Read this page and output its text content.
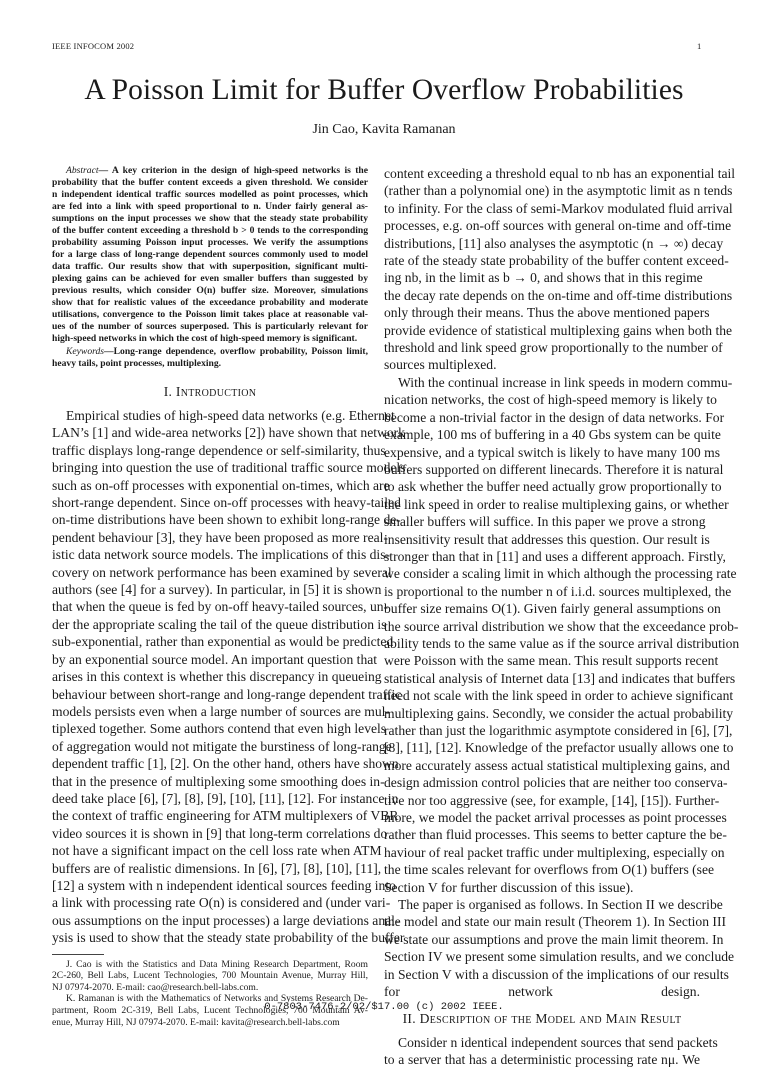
IEEE INFOCOM 2002	1
A Poisson Limit for Buffer Overflow Probabilities
Jin Cao, Kavita Ramanan
Abstract— A key criterion in the design of high-speed networks is the
probability that the buffer content exceeds a given threshold. We consider
n independent identical traffic sources modelled as point processes, which
are fed into a link with speed proportional to n. Under fairly general as-
sumptions on the input processes we show that the steady state probability
of the buffer content exceeding a threshold b > 0 tends to the corresponding
probability assuming Poisson input processes. We verify the assumptions
for a large class of long-range dependent sources commonly used to model
data traffic. Our results show that with superposition, significant multi-
plexing gains can be achieved for even smaller buffers than suggested by
previous results, which consider O(n) buffer size. Moreover, simulations
show that for realistic values of the exceedance probability and moderate
utilisations, convergence to the Poisson limit takes place at reasonable val-
ues of the number of sources superposed. This is particularly relevant for
high-speed networks in which the cost of high-speed memory is significant.
Keywords—Long-range dependence, overflow probability, Poisson limit,
heavy tails, point processes, multiplexing.
I. Introduction
Empirical studies of high-speed data networks (e.g. Ethernet
LAN’s [1] and wide-area networks [2]) have shown that network
traffic displays long-range dependence or self-similarity, thus
bringing into question the use of traditional traffic source models
such as on-off processes with exponential on-times, which are
short-range dependent. Since on-off processes with heavy-tailed
on-time distributions have been shown to exhibit long-range de-
pendent behaviour [3], they have been proposed as more real-
istic data network source models. The implications of this dis-
covery on network performance has been examined by several
authors (see [4] for a survey). In particular, in [5] it is shown
that when the queue is fed by on-off heavy-tailed sources, un-
der the appropriate scaling the tail of the queue distribution is
sub-exponential, rather than exponential as would be predicted
by an exponential source model. An important question that
arises in this context is whether this discrepancy in queueing
behaviour between short-range and long-range dependent traffic
models persists even when a large number of sources are mul-
tiplexed together. Some authors contend that even high levels
of aggregation would not mitigate the burstiness of long-range
dependent traffic [1], [2]. On the other hand, others have shown
that in the presence of multiplexing some smoothing does in-
deed take place [6], [7], [8], [9], [10], [11], [12]. For instance in
the context of traffic engineering for ATM multiplexers of VBR
video sources it is shown in [9] that long-term correlations do
not have a significant impact on the cell loss rate when ATM
buffers are of realistic dimensions. In [6], [7], [8], [10], [11],
[12] a system with n independent identical sources feeding into
a link with processing rate O(n) is considered and (under vari-
ous assumptions on the input processes) a large deviations anal-
ysis is used to show that the steady state probability of the buffer
J. Cao is with the Statistics and Data Mining Research Department, Room
2C-260, Bell Labs, Lucent Technologies, 700 Mountain Avenue, Murray Hill,
NJ 07974-2070. E-mail: cao@research.bell-labs.com.
K. Ramanan is with the Mathematics of Networks and Systems Research De-
partment, Room 2C-319, Bell Labs, Lucent Technologies, 700 Mountain Av-
enue, Murray Hill, NJ 07974-2070. E-mail: kavita@research.bell-labs.com
content exceeding a threshold equal to nb has an exponential tail
(rather than a polynomial one) in the asymptotic limit as n tends
to infinity. For the class of semi-Markov modulated fluid arrival
processes, e.g. on-off sources with general on-time and off-time
distributions, [11] also analyses the asymptotic (n → ∞) decay
rate of the steady state probability of the buffer content exceed-
ing nb, in the limit as b → 0, and shows that in this regime
the decay rate depends on the on-time and off-time distributions
only through their means. Thus the above mentioned papers
provide evidence of statistical multiplexing gains when both the
threshold and link speed grow proportionally to the number of
sources multiplexed.
With the continual increase in link speeds in modern commu-
nication networks, the cost of high-speed memory is likely to
become a non-trivial factor in the design of data networks. For
example, 100 ms of buffering in a 40 Gbs system can be quite
expensive, and a typical switch is likely to have many 100 ms
buffers supported on different linecards. Therefore it is natural
to ask whether the buffer need actually grow proportionally to
the link speed in order to realise multiplexing gains, or whether
smaller buffers will suffice. In this paper we prove a strong
insensitivity result that addresses this question. Our result is
stronger than that in [11] and uses a different approach. Firstly,
we consider a scaling limit in which although the processing rate
is proportional to the number n of i.i.d. sources multiplexed, the
buffer size remains O(1). Given fairly general assumptions on
the source arrival distribution we show that the exceedance prob-
ability tends to the same value as if the source arrival distribution
were Poisson with the same mean. This result supports recent
statistical analysis of Internet data [13] and indicates that buffers
need not scale with the link speed in order to achieve significant
multiplexing gains. Secondly, we consider the actual probability
rather than just the logarithmic asymptote considered in [6], [7],
[8], [11], [12]. Knowledge of the prefactor usually allows one to
more accurately assess actual statistical multiplexing gains, and
design admission control policies that are neither too conserva-
tive nor too aggressive (see, for example, [14], [15]). Further-
more, we model the packet arrival processes as point processes
rather than fluid processes. This seems to better capture the be-
haviour of real packet traffic under multiplexing, especially on
the time scales relevant for overflows from O(1) buffers (see
Section V for further discussion of this issue).
The paper is organised as follows. In Section II we describe
the model and state our main result (Theorem 1). In Section III
we state our assumptions and prove the main limit theorem. In
Section IV we present some simulation results, and we conclude
in Section V with a discussion of the implications of our results
for network design.
II. Description of the Model and Main Result
Consider n identical independent sources that send packets
to a server that has a deterministic processing rate nμ. We
0-7803-7476-2/02/$17.00 (c) 2002 IEEE.
